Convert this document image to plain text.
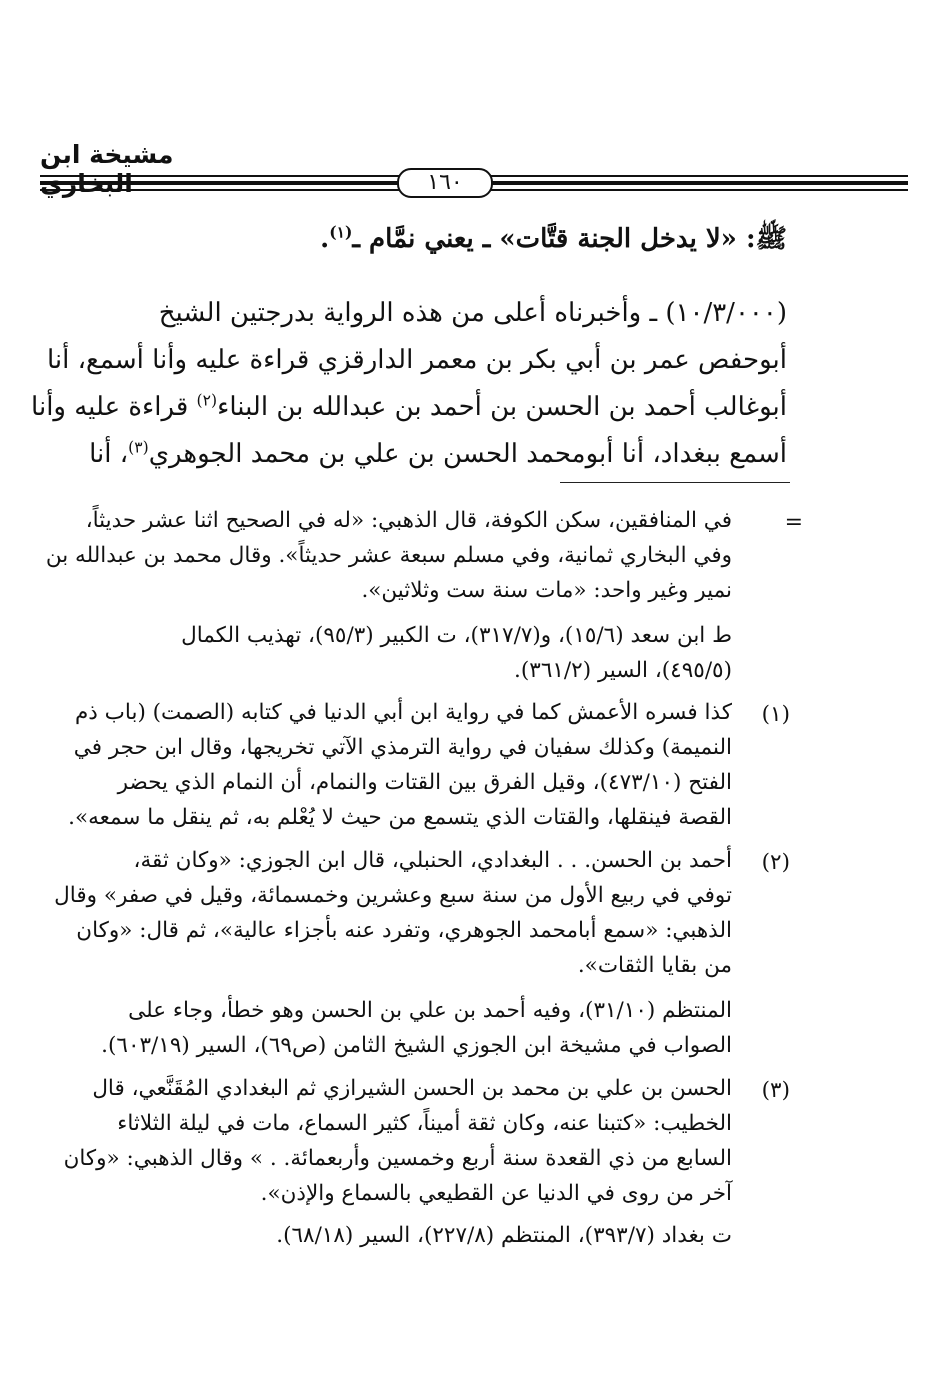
مشيخة ابن البخاري	١٦٠
ﷺ: «لا يدخل الجنة قتَّات» ـ يعني نمَّام ـ$^{(١)}$.
(١٠/٣/٠٠٠) ـ وأخبرناه أعلى من هذه الرواية بدرجتين الشيخ
أبوحفص عمر بن أبي بكر بن معمر الدارقزي قراءة عليه وأنا أسمع، أنا
أبوغالب أحمد بن الحسن بن أحمد بن عبدالله بن البناء$^{(٢)}$ قراءة عليه وأنا
أسمع ببغداد، أنا أبومحمد الحسن بن علي بن محمد الجوهري$^{(٣)}$، أنا
=
في المنافقين، سكن الكوفة، قال الذهبي: «له في الصحيح اثنا عشر حديثاً،
وفي البخاري ثمانية، وفي مسلم سبعة عشر حديثاً». وقال محمد بن عبدالله بن
نمير وغير واحد: «مات سنة ست وثلاثين».
ط ابن سعد (١٥/٦)، و(٣١٧/٧)، ت الكبير (٩٥/٣)، تهذيب الكمال
(٤٩٥/٥)، السير (٣٦١/٢).
(١)
كذا فسره الأعمش كما في رواية ابن أبي الدنيا في كتابه (الصمت) (باب ذم
النميمة) وكذلك سفيان في رواية الترمذي الآتي تخريجها، وقال ابن حجر في
الفتح (٤٧٣/١٠)، وقيل الفرق بين القتات والنمام، أن النمام الذي يحضر
القصة فينقلها، والقتات الذي يتسمع من حيث لا يُعْلم به، ثم ينقل ما سمعه».
(٢)
أحمد بن الحسن. . . البغدادي، الحنبلي، قال ابن الجوزي: «وكان ثقة،
توفي في ربيع الأول من سنة سبع وعشرين وخمسمائة، وقيل في صفر» وقال
الذهبي: «سمع أبامحمد الجوهري، وتفرد عنه بأجزاء عالية»، ثم قال: «وكان
من بقايا الثقات».
المنتظم (٣١/١٠)، وفيه أحمد بن علي بن الحسن وهو خطأ، وجاء على
الصواب في مشيخة ابن الجوزي الشيخ الثامن (ص٦٩)، السير (٦٠٣/١٩).
(٣)
الحسن بن علي بن محمد بن الحسن الشيرازي ثم البغدادي المُقَنَّعي، قال
الخطيب: «كتبنا عنه، وكان ثقة أميناً، كثير السماع، مات في ليلة الثلاثاء
السابع من ذي القعدة سنة أربع وخمسين وأربعمائة. . » وقال الذهبي: «وكان
آخر من روى في الدنيا عن القطيعي بالسماع والإذن».
ت بغداد (٣٩٣/٧)، المنتظم (٢٢٧/٨)، السير (٦٨/١٨).
